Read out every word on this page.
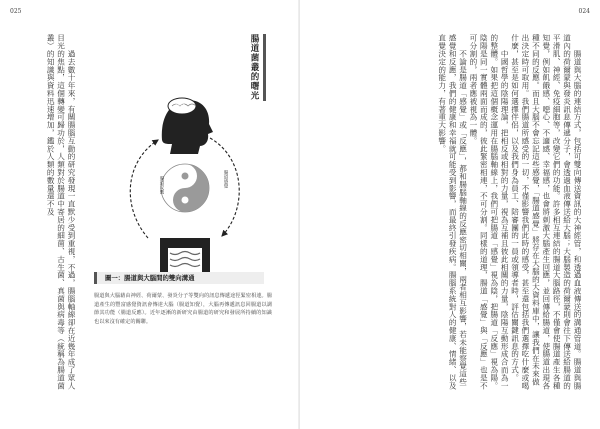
025
腸道菌叢的曙光

過去數十年來，有關腸腦互動的研究發現一直默少受到重視，不過，腸腦軸線卻在近幾年成了眾人目光的焦點，這個轉變可歸功於，人類對於腸道中寄居的細菌、古生菌、真菌與病毒等（統稱為腸道菌叢）的知識與資料迅速增加，鑑於人類的數量還不及	情緒
腸道反應	腸道感覺
圖一：腸道與大腦間的雙向溝通
腸道與大腦藉由神經、荷爾蒙、發炎分子等雙向的訊息傳遞途徑緊密相連。腸道產生的豐富感覺資訊會傳達大腦（腸道知覺），大腦再傳遞訊息回腸道以調節其功能（腸道反應）。近年逐漸的新研究由腸道的研究和發展所持續的知識也以來沒有確定的關聯。
024

腸道與大腦的連結方式，包括可雙向傳送資訊的大神經管，和透過血液傳送的溝通管道。腸道與腸道內的荷爾蒙與發炎訊息傳遞分子，會透過血液傳送給大腦；大腦製造的荷爾蒙則會往下傳送給腸道的平滑肌、神經、免疫細胞等，改變它們的功能。許多相互連結的腸道大腦路徑，不僅會使腸道產生各種知覺，例如飢餓感、噁心、不適感、幸福感，也會將刺激大腦產生回應，並回傳給腸道，使腸道出現各種不同的反應。而且大腦不會忘記這些感覺，「腸道感覺」將存在大腦的大資料庫中，讓我們在未來做出決定時可取用。我們腸道所感受的一切，不僅影響我們此時的感受，甚至還包括我們選擇吃什麼或喝什麼，甚至是如何選擇伴侶，以及我們身為員工、陪審團的一員或領導者時，評估關鍵訊息的方式。

中國哲學的陰陽理論，把相反或相對的力量，視為互補且彼此相關的力量，陰陽互動形成合而為一的整體。如果把這個概念運用在腸腦軸線上，我們可把腸道「感覺」視為陰，把腸道「反應」視為陽。陰陽是同一實體兩面而成的，彼此緊密相連，不可分割。同樣的道理，腸道「感覺」與「反應」也是不可分割的，兩者應被視為一體。

不論是腸道「感覺」或「反應」，都和腸腦軸線的反應密切相關，兩者相互影響，若未能察覺這些感覺和反應，我們的健康和幸福就可能受到影響，而最終引發疾病。腸腦系統對人的健康、情緒、以及直覺決定的能力，有著重大影響。
